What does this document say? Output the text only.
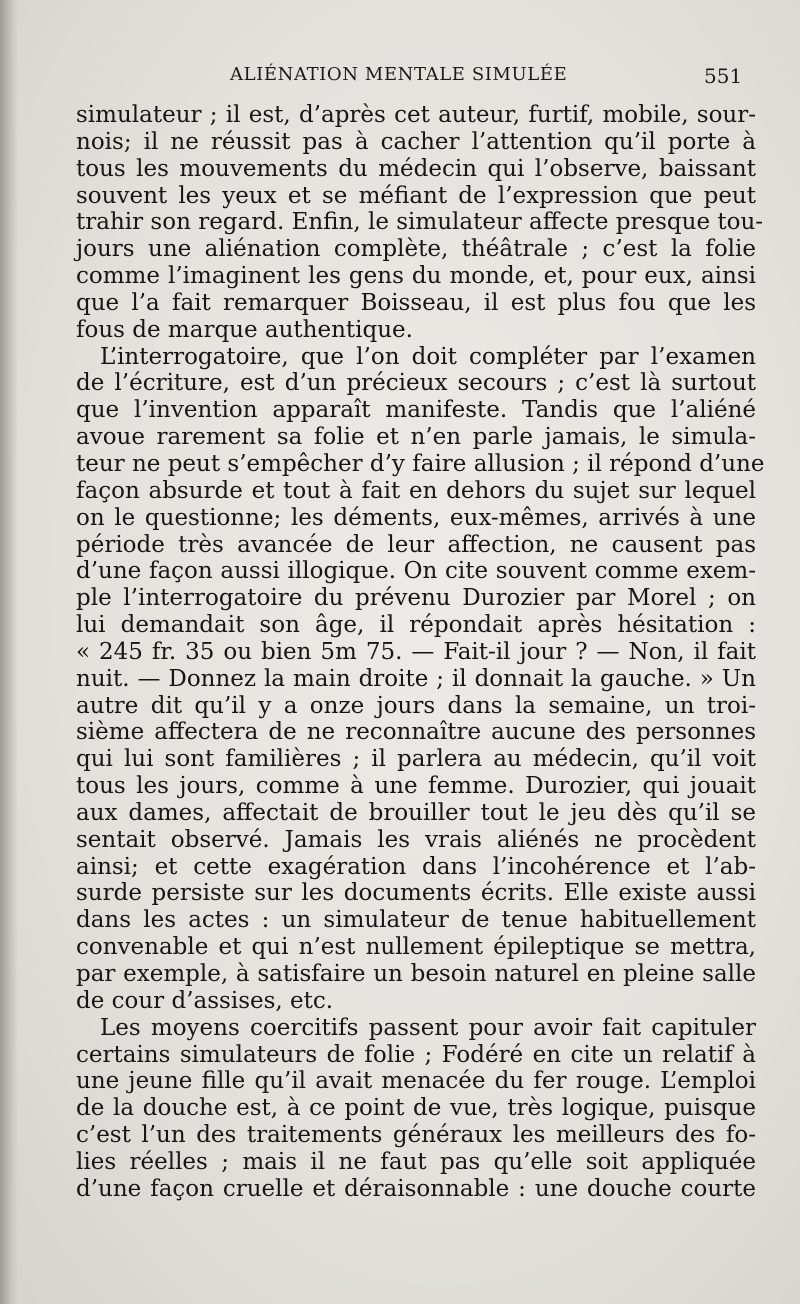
ALIÉNATION MENTALE SIMULÉE	551
simulateur ; il est, d’après cet auteur, furtif, mobile, sour-
nois; il ne réussit pas à cacher l’attention qu’il porte à
tous les mouvements du médecin qui l’observe, baissant
souvent les yeux et se méfiant de l’expression que peut
trahir son regard. Enfin, le simulateur affecte presque tou-
jours une aliénation complète, théâtrale ; c’est la folie
comme l’imaginent les gens du monde, et, pour eux, ainsi
que l’a fait remarquer Boisseau, il est plus fou que les
fous de marque authentique.
L’interrogatoire, que l’on doit compléter par l’examen
de l’écriture, est d’un précieux secours ; c’est là surtout
que l’invention apparaît manifeste. Tandis que l’aliéné
avoue rarement sa folie et n’en parle jamais, le simula-
teur ne peut s’empêcher d’y faire allusion ; il répond d’une
façon absurde et tout à fait en dehors du sujet sur lequel
on le questionne; les déments, eux-mêmes, arrivés à une
période très avancée de leur affection, ne causent pas
d’une façon aussi illogique. On cite souvent comme exem-
ple l’interrogatoire du prévenu Durozier par Morel ; on
lui demandait son âge, il répondait après hésitation :
« 245 fr. 35 ou bien 5m 75. — Fait-il jour ? — Non, il fait
nuit. — Donnez la main droite ; il donnait la gauche. » Un
autre dit qu’il y a onze jours dans la semaine, un troi-
sième affectera de ne reconnaître aucune des personnes
qui lui sont familières ; il parlera au médecin, qu’il voit
tous les jours, comme à une femme. Durozier, qui jouait
aux dames, affectait de brouiller tout le jeu dès qu’il se
sentait observé. Jamais les vrais aliénés ne procèdent
ainsi; et cette exagération dans l’incohérence et l’ab-
surde persiste sur les documents écrits. Elle existe aussi
dans les actes : un simulateur de tenue habituellement
convenable et qui n’est nullement épileptique se mettra,
par exemple, à satisfaire un besoin naturel en pleine salle
de cour d’assises, etc.
Les moyens coercitifs passent pour avoir fait capituler
certains simulateurs de folie ; Fodéré en cite un relatif à
une jeune fille qu’il avait menacée du fer rouge. L’emploi
de la douche est, à ce point de vue, très logique, puisque
c’est l’un des traitements généraux les meilleurs des fo-
lies réelles ; mais il ne faut pas qu’elle soit appliquée
d’une façon cruelle et déraisonnable : une douche courte
